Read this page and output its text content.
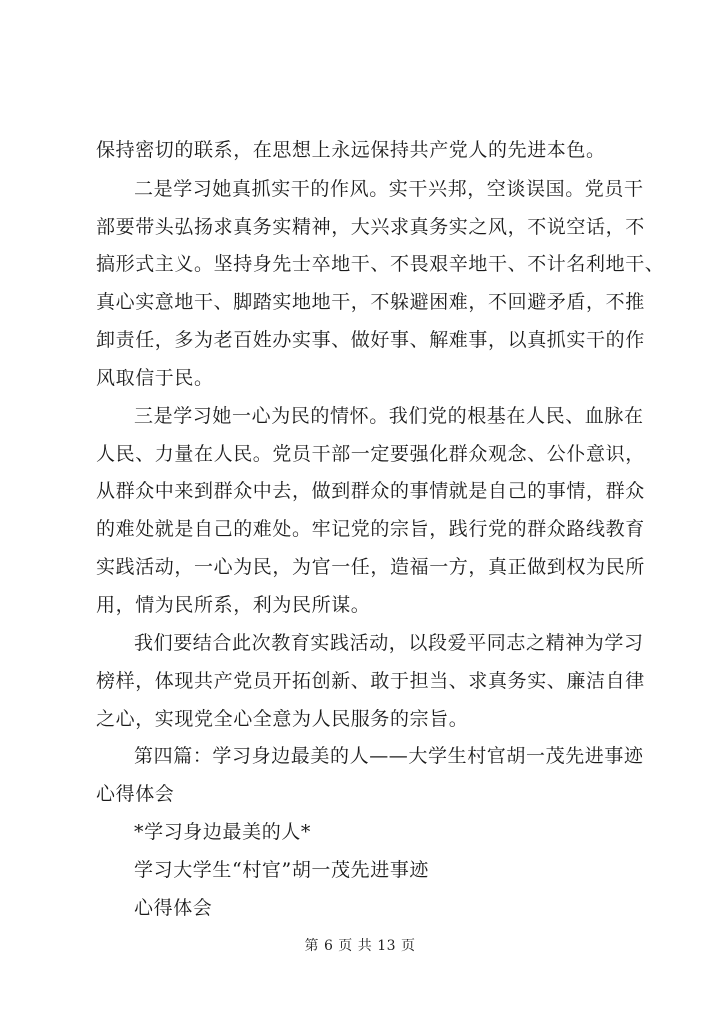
保持密切的联系，在思想上永远保持共产党人的先进本色。
二是学习她真抓实干的作风。实干兴邦，空谈误国。党员干
部要带头弘扬求真务实精神，大兴求真务实之风，不说空话，不
搞形式主义。坚持身先士卒地干、不畏艰辛地干、不计名利地干、
真心实意地干、脚踏实地地干，不躲避困难，不回避矛盾，不推
卸责任，多为老百姓办实事、做好事、解难事，以真抓实干的作
风取信于民。
三是学习她一心为民的情怀。我们党的根基在人民、血脉在
人民、力量在人民。党员干部一定要强化群众观念、公仆意识，
从群众中来到群众中去，做到群众的事情就是自己的事情，群众
的难处就是自己的难处。牢记党的宗旨，践行党的群众路线教育
实践活动，一心为民，为官一任，造福一方，真正做到权为民所
用，情为民所系，利为民所谋。
我们要结合此次教育实践活动，以段爱平同志之精神为学习
榜样，体现共产党员开拓创新、敢于担当、求真务实、廉洁自律
之心，实现党全心全意为人民服务的宗旨。
第四篇：学习身边最美的人——大学生村官胡一茂先进事迹
心得体会
*学习身边最美的人*
学习大学生“村官”胡一茂先进事迹
心得体会
第 6 页 共 13 页
